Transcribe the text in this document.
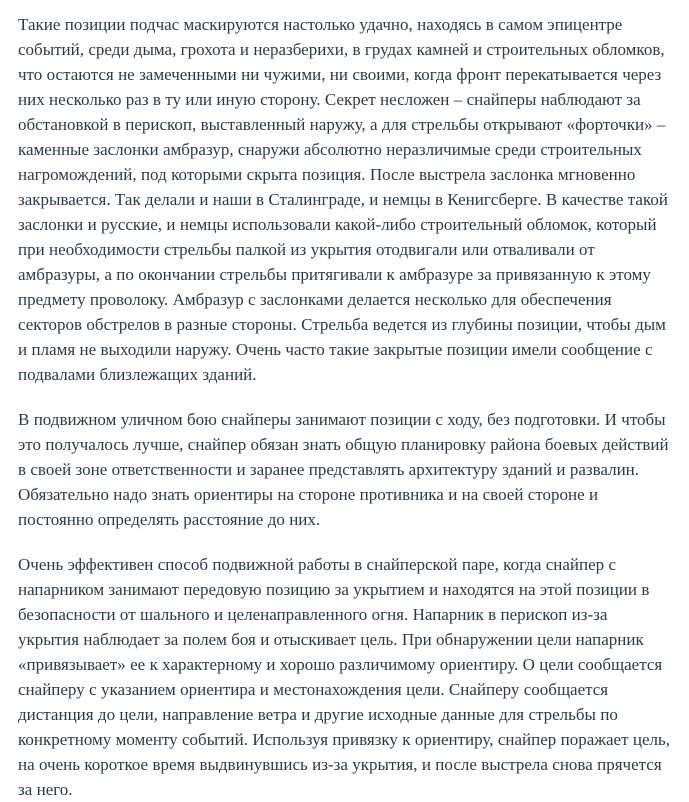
Такие позиции подчас маскируются настолько удачно, находясь в самом эпицентре событий, среди дыма, грохота и неразберихи, в грудах камней и строительных обломков, что остаются не замеченными ни чужими, ни своими, когда фронт перекатывается через них несколько раз в ту или иную сторону. Секрет несложен – снайперы наблюдают за обстановкой в перископ, выставленный наружу, а для стрельбы открывают «форточки» – каменные заслонки амбразур, снаружи абсолютно неразличимые среди строительных нагромождений, под которыми скрыта позиция. После выстрела заслонка мгновенно закрывается. Так делали и наши в Сталинграде, и немцы в Кенигсберге. В качестве такой заслонки и русские, и немцы использовали какой-либо строительный обломок, который при необходимости стрельбы палкой из укрытия отодвигали или отваливали от амбразуры, а по окончании стрельбы притягивали к амбразуре за привязанную к этому предмету проволоку. Амбразур с заслонками делается несколько для обеспечения секторов обстрелов в разные стороны. Стрельба ведется из глубины позиции, чтобы дым и пламя не выходили наружу. Очень часто такие закрытые позиции имели сообщение с подвалами близлежащих зданий.

В подвижном уличном бою снайперы занимают позиции с ходу, без подготовки. И чтобы это получалось лучше, снайпер обязан знать общую планировку района боевых действий в своей зоне ответственности и заранее представлять архитектуру зданий и развалин. Обязательно надо знать ориентиры на стороне противника и на своей стороне и постоянно определять расстояние до них.

Очень эффективен способ подвижной работы в снайперской паре, когда снайпер с напарником занимают передовую позицию за укрытием и находятся на этой позиции в безопасности от шального и целенаправленного огня. Напарник в перископ из-за укрытия наблюдает за полем боя и отыскивает цель. При обнаружении цели напарник «привязывает» ее к характерному и хорошо различимому ориентиру. О цели сообщается снайперу с указанием ориентира и местонахождения цели. Снайперу сообщается дистанция до цели, направление ветра и другие исходные данные для стрельбы по конкретному моменту событий. Используя привязку к ориентиру, снайпер поражает цель, на очень короткое время выдвинувшись из-за укрытия, и после выстрела снова прячется за него.
